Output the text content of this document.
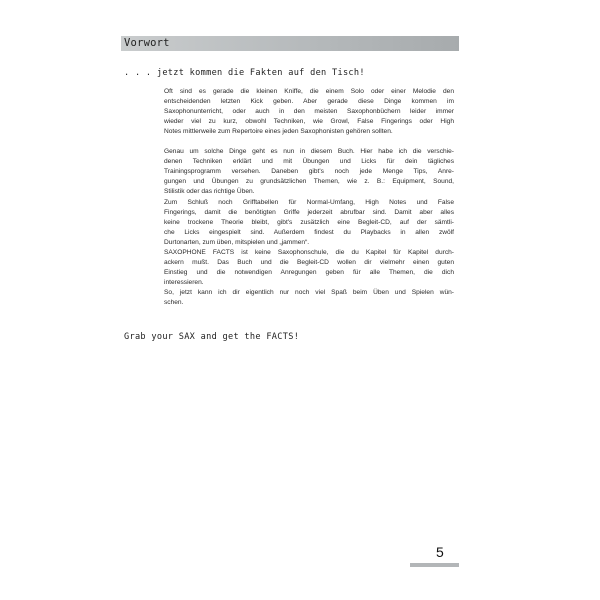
Vorwort
. . . jetzt kommen die Fakten auf den Tisch!
Oft sind es gerade die kleinen Kniffe, die einem Solo oder einer Melodie den
entscheidenden letzten Kick geben. Aber gerade diese Dinge kommen im
Saxophonunterricht, oder auch in den meisten Saxophonbüchern leider immer
wieder viel zu kurz, obwohl Techniken, wie Growl, False Fingerings oder High
Notes mittlerweile zum Repertoire eines jeden Saxophonisten gehören sollten.
Genau um solche Dinge geht es nun in diesem Buch. Hier habe ich die verschie-
denen Techniken erklärt und mit Übungen und Licks für dein tägliches
Trainingsprogramm versehen. Daneben gibt's noch jede Menge Tips, Anre-
gungen und Übungen zu grundsätzlichen Themen, wie z. B.: Equipment, Sound,
Stilistik oder das richtige Üben.
Zum Schluß noch Grifftabellen für Normal-Umfang, High Notes und False
Fingerings, damit die benötigten Griffe jederzeit abrufbar sind. Damit aber alles
keine trockene Theorie bleibt, gibt's zusätzlich eine Begleit-CD, auf der sämtli-
che Licks eingespielt sind. Außerdem findest du Playbacks in allen zwölf
Durtonarten, zum üben, mitspielen und „jammen“.
SAXOPHONE FACTS ist keine Saxophonschule, die du Kapitel für Kapitel durch-
ackern mußt. Das Buch und die Begleit-CD wollen dir vielmehr einen guten
Einstieg und die notwendigen Anregungen geben für alle Themen, die dich
interessieren.
So, jetzt kann ich dir eigentlich nur noch viel Spaß beim Üben und Spielen wün-
schen.
Grab your SAX and get the FACTS!
5
